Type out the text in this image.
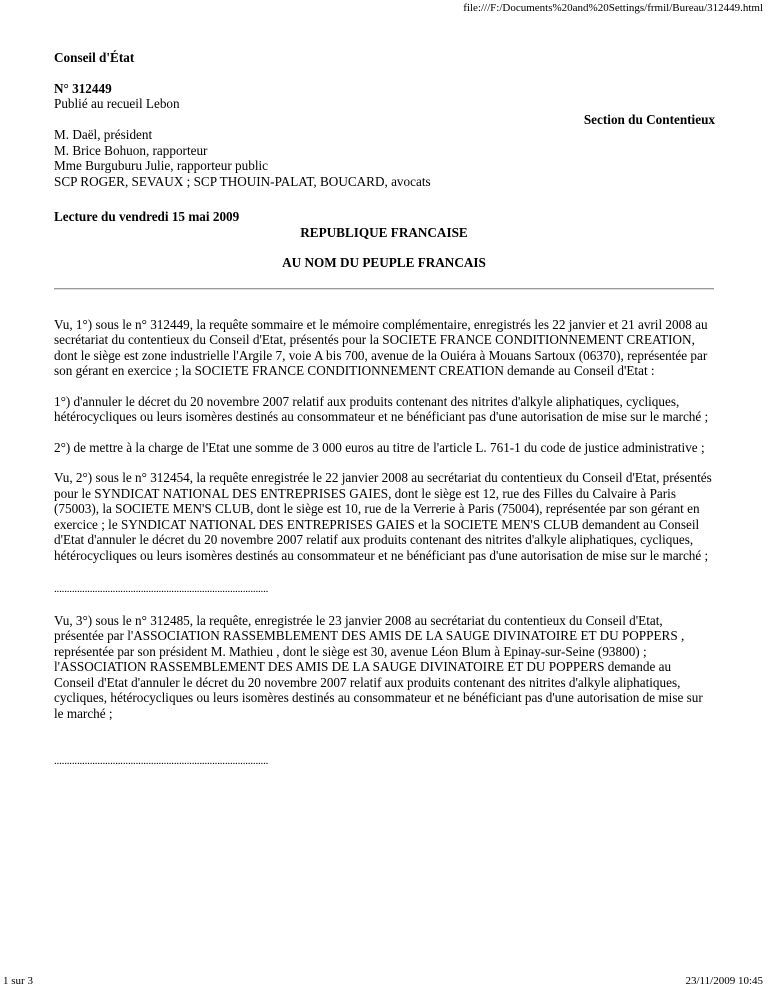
file:///F:/Documents%20and%20Settings/frmil/Bureau/312449.html
Conseil d'État
N° 312449
Publié au recueil Lebon
Section du Contentieux
M. Daël, président
M. Brice Bohuon, rapporteur
Mme Burguburu Julie, rapporteur public
SCP ROGER, SEVAUX ; SCP THOUIN-PALAT, BOUCARD, avocats
Lecture du vendredi 15 mai 2009
REPUBLIQUE FRANCAISE
AU NOM DU PEUPLE FRANCAIS

Vu, 1°) sous le n° 312449, la requête sommaire et le mémoire complémentaire, enregistrés les 22 janvier et 21 avril 2008 au secrétariat du contentieux du Conseil d'Etat, présentés pour la SOCIETE FRANCE CONDITIONNEMENT CREATION, dont le siège est zone industrielle l'Argile 7, voie A bis 700, avenue de la Ouiéra à Mouans Sartoux (06370), représentée par son gérant en exercice ; la SOCIETE FRANCE CONDITIONNEMENT CREATION demande au Conseil d'Etat :

1°) d'annuler le décret du 20 novembre 2007 relatif aux produits contenant des nitrites d'alkyle aliphatiques, cycliques, hétérocycliques ou leurs isomères destinés au consommateur et ne bénéficiant pas d'une autorisation de mise sur le marché ;

2°) de mettre à la charge de l'Etat une somme de 3 000 euros au titre de l'article L. 761-1 du code de justice administrative ;

Vu, 2°) sous le n° 312454, la requête enregistrée le 22 janvier 2008 au secrétariat du contentieux du Conseil d'Etat, présentés pour le SYNDICAT NATIONAL DES ENTREPRISES GAIES, dont le siège est 12, rue des Filles du Calvaire à Paris (75003), la SOCIETE MEN'S CLUB, dont le siège est 10, rue de la Verrerie à Paris (75004), représentée par son gérant en exercice ; le SYNDICAT NATIONAL DES ENTREPRISES GAIES et la SOCIETE MEN'S CLUB demandent au Conseil d'Etat d'annuler le décret du 20 novembre 2007 relatif aux produits contenant des nitrites d'alkyle aliphatiques, cycliques, hétérocycliques ou leurs isomères destinés au consommateur et ne bénéficiant pas d'une autorisation de mise sur le marché ;

....................................................................................

Vu, 3°) sous le n° 312485, la requête, enregistrée le 23 janvier 2008 au secrétariat du contentieux du Conseil d'Etat, présentée par l'ASSOCIATION RASSEMBLEMENT DES AMIS DE LA SAUGE DIVINATOIRE ET DU POPPERS , représentée par son président M. Mathieu , dont le siège est 30, avenue Léon Blum à Epinay-sur-Seine (93800) ; l'ASSOCIATION RASSEMBLEMENT DES AMIS DE LA SAUGE DIVINATOIRE ET DU POPPERS demande au Conseil d'Etat d'annuler le décret du 20 novembre 2007 relatif aux produits contenant des nitrites d'alkyle aliphatiques, cycliques, hétérocycliques ou leurs isomères destinés au consommateur et ne bénéficiant pas d'une autorisation de mise sur le marché ;

....................................................................................

1 sur 3	23/11/2009 10:45
